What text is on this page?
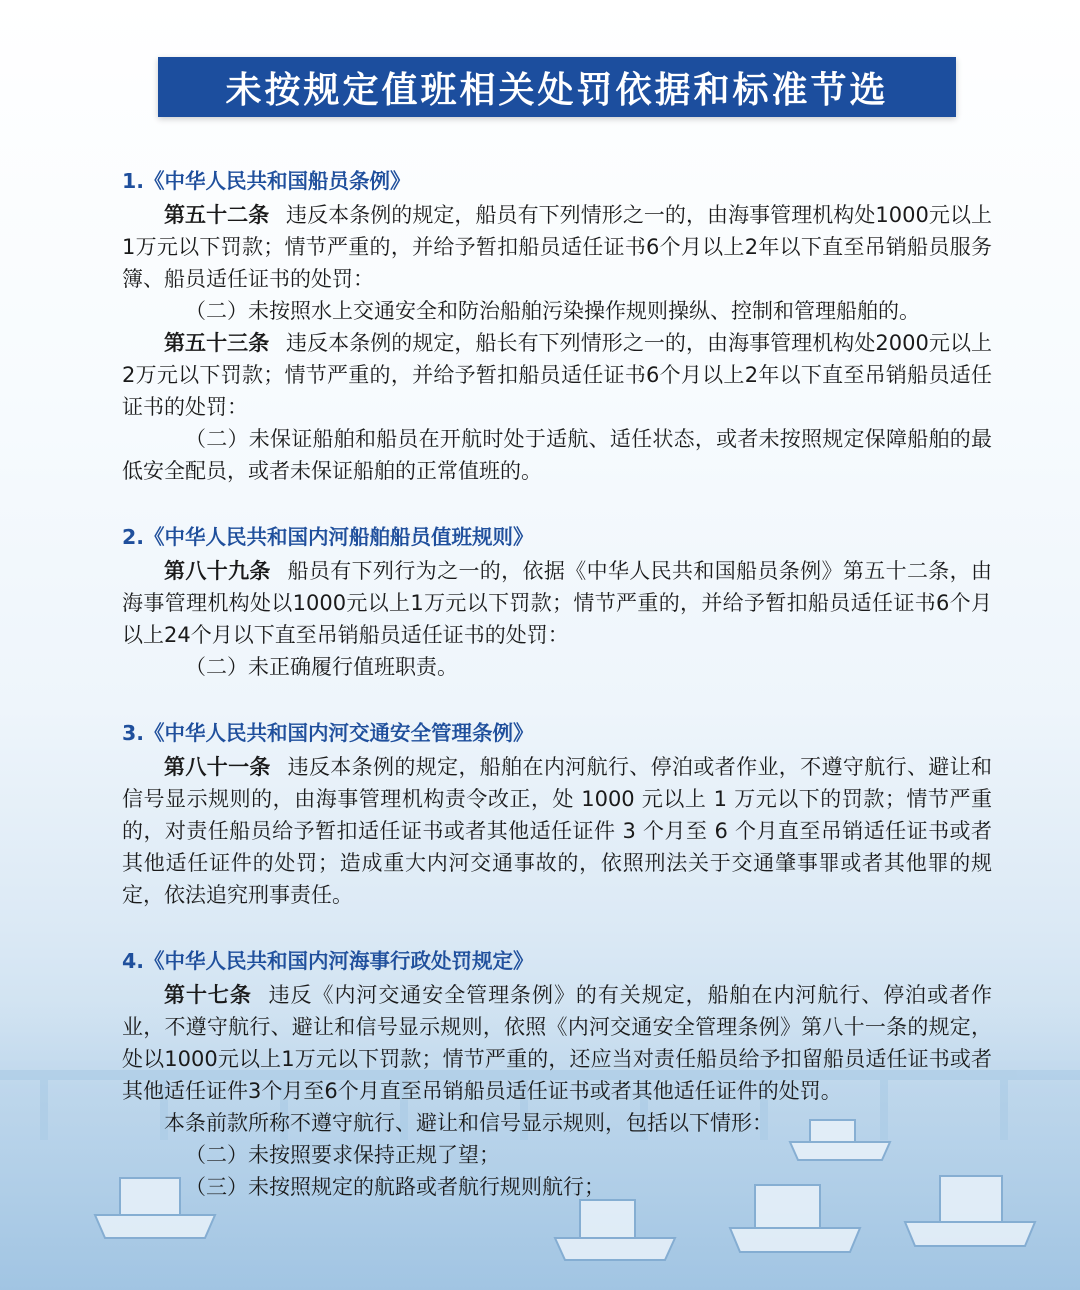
未按规定值班相关处罚依据和标准节选
1.《中华人民共和国船员条例》

第五十二条 违反本条例的规定，船员有下列情形之一的，由海事管理机构处1000元以上1万元以下罚款；情节严重的，并给予暂扣船员适任证书6个月以上2年以下直至吊销船员服务簿、船员适任证书的处罚：

（二）未按照水上交通安全和防治船舶污染操作规则操纵、控制和管理船舶的。

第五十三条 违反本条例的规定，船长有下列情形之一的，由海事管理机构处2000元以上2万元以下罚款；情节严重的，并给予暂扣船员适任证书6个月以上2年以下直至吊销船员适任证书的处罚：

（二）未保证船舶和船员在开航时处于适航、适任状态，或者未按照规定保障船舶的最低安全配员，或者未保证船舶的正常值班的。

2.《中华人民共和国内河船舶船员值班规则》

第八十九条 船员有下列行为之一的，依据《中华人民共和国船员条例》第五十二条，由海事管理机构处以1000元以上1万元以下罚款；情节严重的，并给予暂扣船员适任证书6个月以上24个月以下直至吊销船员适任证书的处罚：

（二）未正确履行值班职责。

3.《中华人民共和国内河交通安全管理条例》

第八十一条 违反本条例的规定，船舶在内河航行、停泊或者作业，不遵守航行、避让和信号显示规则的，由海事管理机构责令改正，处 1000 元以上 1 万元以下的罚款；情节严重的，对责任船员给予暂扣适任证书或者其他适任证件 3 个月至 6 个月直至吊销适任证书或者其他适任证件的处罚；造成重大内河交通事故的，依照刑法关于交通肇事罪或者其他罪的规定，依法追究刑事责任。

4.《中华人民共和国内河海事行政处罚规定》

第十七条 违反《内河交通安全管理条例》的有关规定，船舶在内河航行、停泊或者作业，不遵守航行、避让和信号显示规则，依照《内河交通安全管理条例》第八十一条的规定，处以1000元以上1万元以下罚款；情节严重的，还应当对责任船员给予扣留船员适任证书或者其他适任证件3个月至6个月直至吊销船员适任证书或者其他适任证件的处罚。

本条前款所称不遵守航行、避让和信号显示规则，包括以下情形：

（二）未按照要求保持正规了望；

（三）未按照规定的航路或者航行规则航行；
